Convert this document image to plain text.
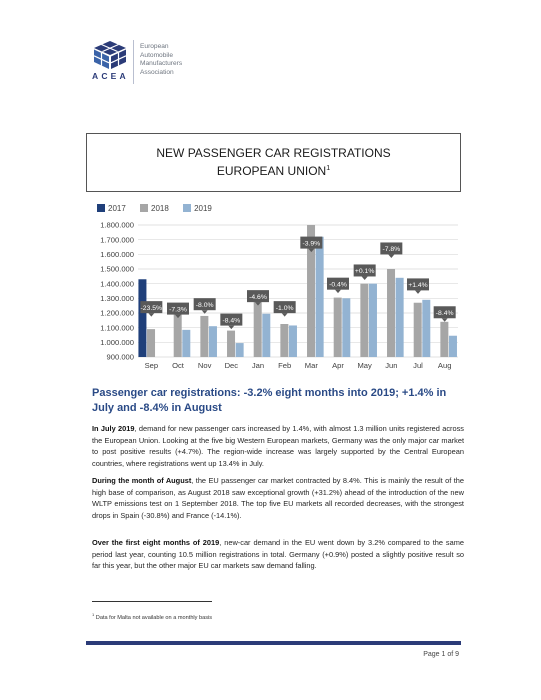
ACEA
European
Automobile
Manufacturers
Association
NEW PASSENGER CAR REGISTRATIONS
EUROPEAN UNION$^1$
2017	2018	2019
900.000
1.000.000
1.100.000
1.200.000
1.300.000
1.400.000
1.500.000
1.600.000
1.700.000
1.800.000
Sep
-23.5%
Oct
-7.3%
Nov
-8.0%
Dec
-8.4%
Jan
-4.6%
Feb
-1.0%
Mar
-3.9%
Apr
-0.4%
May
+0.1%
Jun
-7.8%
Jul
+1.4%
Aug
-8.4%
Passenger car registrations: -3.2% eight months into 2019; +1.4% in July and -8.4% in August
In July 2019, demand for new passenger cars increased by 1.4%, with almost 1.3 million units registered across the European Union. Looking at the five big Western European markets, Germany was the only major car market to post positive results (+4.7%). The region-wide increase was largely supported by the Central European countries, where registrations went up 13.4% in July.
During the month of August, the EU passenger car market contracted by 8.4%. This is mainly the result of the high base of comparison, as August 2018 saw exceptional growth (+31.2%) ahead of the introduction of the new WLTP emissions test on 1 September 2018. The top five EU markets all recorded decreases, with the strongest drops in Spain (-30.8%) and France (-14.1%).
Over the first eight months of 2019, new-car demand in the EU went down by 3.2% compared to the same period last year, counting 10.5 million registrations in total. Germany (+0.9%) posted a slightly positive result so far this year, but the other major EU car markets saw demand falling.
$^1$ Data for Malta not available on a monthly basis
Page 1 of 9
